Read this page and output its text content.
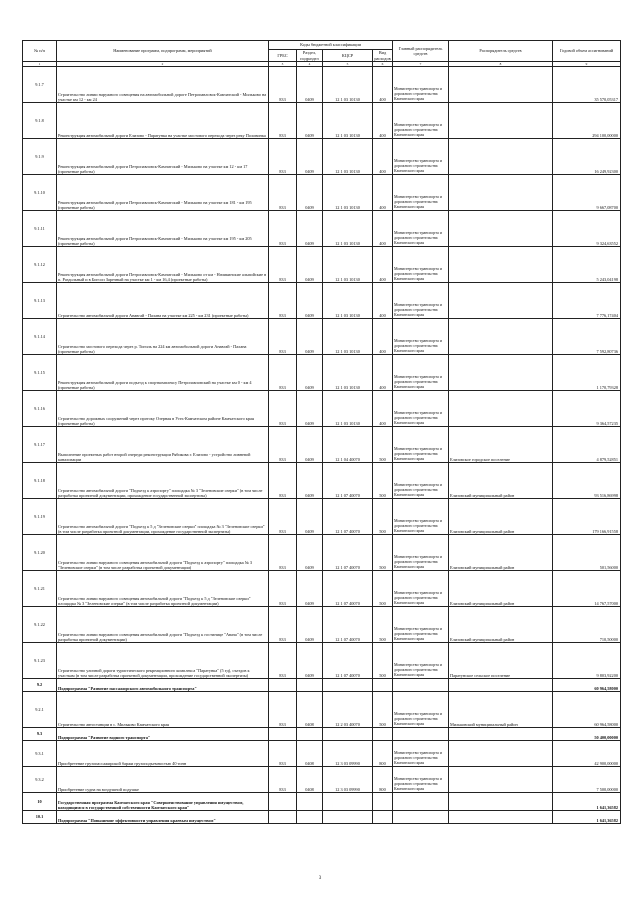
№ п/п	Наименование программ, подпрограмм, мероприятий	Коды бюджетной классификации				Главный распорядитель средств	Распорядитель средств	Годовой объем ассигнований
		ГРБС	Раздел, подраздел	КЦСР	Вид расходов			
1	2	3	4	5	6	7	8	9
9.1.7	Строительство линии наружного освещения на автомобильной дороге Петропавловск-Камчатский - Мильково на участке км 12 - км 24	833	0409	12 1 03 10130	400	Министерство транспорта и дорожного строительства Камчатского края		35 570,05317
9.1.8	Реконструкция автомобильной дороги Елизово - Паратунка на участке мостового перехода через реку Половинка	833	0409	12 1 03 10130	400	Министерство транспорта и дорожного строительства Камчатского края		294 100,00000
9.1.9	Реконструкция автомобильной дороги Петропавловск-Камчатский - Мильково на участке км 12 - км 17 (проектные работы)	833	0409	12 1 03 10130	400	Министерство транспорта и дорожного строительства Камчатского края		16 249,92300
9.1.10	Реконструкция автомобильной дороги Петропавловск-Камчатский - Мильково на участке км 181 - км 195 (проектные работы)	833	0409	12 1 03 10130	400	Министерство транспорта и дорожного строительства Камчатского края		9 667,08700
9.1.11	Реконструкция автомобильной дороги Петропавловск-Камчатский - Мильково на участке км 195 - км 205 (проектные работы)	833	0409	12 1 03 10130	400	Министерство транспорта и дорожного строительства Камчатского края		9 324,63552
9.1.12	Реконструкция автомобильной дороги Петропавловск-Камчатский - Мильково от км - Начикинские альпийские в п. Раздольный и в Бигсоп Заречный на участке км 1 - км 16,4 (проектные работы)	833	0409	12 1 03 10130	400	Министерство транспорта и дорожного строительства Камчатского края		5 243,04198
9.1.13	Строительство автомобильной дороги Анавгай - Палана на участке км 225 - км 231 (проектные работы)	833	0409	12 1 03 10130	400	Министерство транспорта и дорожного строительства Камчатского края		7 776,17404
9.1.14	Строительство мостового перехода через р. Тигиль на 224 км автомобильной дороги Анавгай - Палана (проектные работы)	833	0409	12 1 03 10130	400	Министерство транспорта и дорожного строительства Камчатского края		7 592,80736
9.1.15	Реконструкция автомобильной дороги подъезд к спорткомплексу Петропавловский на участке км 0 - км 4 (проектные работы)	833	0409	12 1 03 10130	400	Министерство транспорта и дорожного строительства Камчатского края		1 170,79328
9.1.16	Строительство дорожных сооружений через протоку Озерная в Усть-Камчатском районе Камчатского края (проектные работы)	833	0409	12 1 03 10130	400	Министерство транспорта и дорожного строительства Камчатского края		9 364,57235
9.1.17	Выполнение проектных работ второй очереди реконструкции Рябикова г. Елизово - устройство ливневой канализации	833	0409	12 1 04 40070	500	Министерство транспорта и дорожного строительства Камчатского края	Елизовское городское поселение	4 879,52851
9.1.18	Строительство автомобильной дороги "Подъезд к аэропорту" площадка № 3 "Зеленовские озерки" (в том числе разработка проектной документации, прохождение государственной экспертизы)	833	0409	12 1 07 40070	500	Министерство транспорта и дорожного строительства Камчатского края	Елизовский муниципальный район	93 516,86998
9.1.19	Строительство автомобильной дороги "Подъезд к 5 д "Зеленовские озерки" площадка № 3 "Зеленовские озерки" (в том числе разработка проектной документации, прохождение государственной экспертизы)	833	0409	12 1 07 40070	500	Министерство транспорта и дорожного строительства Камчатского края	Елизовский муниципальный район	179 166,91558
9.1.20	Строительство линии наружного освещения автомобильной дороги "Подъезд к аэропорту" площадка № 3 "Зеленовские озерки" (в том числе разработка проектной документации)	833	0409	12 1 07 40070	500	Министерство транспорта и дорожного строительства Камчатского края	Елизовский муниципальный район	501,56000
9.1.21	Строительство линии наружного освещения автомобильной дороги "Подъезд к 5 д "Зеленовские озерки" площадка № 3 "Зеленовские озерки" (в том числе разработка проектной документации)	833	0409	12 1 07 40070	500	Министерство транспорта и дорожного строительства Камчатского края	Елизовский муниципальный район	14 767,57000
9.1.22	Строительство линии наружного освещения автомобильной дороги "Подъезд к гостинице "Авача" (в том числе разработка проектной документации)	833	0409	12 1 07 40070	500	Министерство транспорта и дорожного строительства Камчатского края	Елизовский муниципальный район	710,50000
9.1.23	Строительство уличной дороги туристического рекреационного комплекса "Паратунка" (5 ед), съездов к участкам (в том числе разработка проектной документации, прохождение государственной экспертизы)	833	0409	12 1 07 40070	500	Министерство транспорта и дорожного строительства Камчатского края	Паратунское сельское поселение	9 803,92200
9.2	Подпрограмма "Развитие пассажирского автомобильного транспорта"							60 964,58000
9.2.1	Строительство автостанции в с. Мильково Камчатского края	833	0408	12 2 03 40070	500	Министерство транспорта и дорожного строительства Камчатского края	Мильковский муниципальный район	60 964,58000
9.3	Подпрограмма "Развитие водного транспорта"							50 400,00000
9.3.1	Приобретение грузопассажирской баржи грузоподъемностью 40 тонн	833	0408	12 3 03 09990	800	Министерство транспорта и дорожного строительства Камчатского края		42 900,00000
9.3.2	Приобретение судна на воздушной подушке	833	0408	12 3 03 09990	800	Министерство транспорта и дорожного строительства Камчатского края		7 500,00000
10	Государственная программа Камчатского края "Совершенствование управления имуществом, находящимся в государственной собственности Камчатского края"							1 641,36582
10.1	Подпрограмма "Повышение эффективности управления краевым имуществом"							1 641,36582
3
